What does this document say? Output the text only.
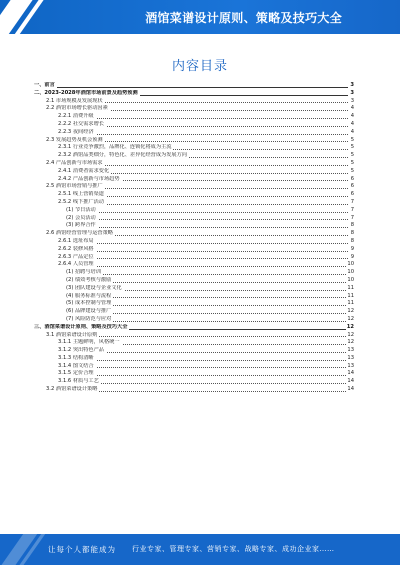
酒馆菜谱设计原则、策略及技巧大全
内容目录
一、前言	3
二、2023-2028年酒馆市场前景及趋势预测	3
2.1 市场规模及发展现状	3
2.2 酒馆市场增长驱动因素	4
2.2.1 消费升级	4
2.2.2 社交需求增长	4
2.2.3 夜间经济	4
2.3 发展趋势及机会预测	5
2.3.1 行业竞争激烈，品牌化、连锁化将成为主流	5
2.3.2 酒馆品类细分，特色化、差异化经营成为发展方向	5
2.4 产品创新与市场需求	5
2.4.1 消费者需求变化	5
2.4.2 产品创新与市场趋势	6
2.5 酒馆市场营销与推广	6
2.5.1 线上营销渠道	6
2.5.2 线下推广活动	7
(1) 节日活动	7
(2) 会员活动	7
(3) 跨界合作	8
2.6 酒馆经营管理与运营策略	8
2.6.1 选址布局	8
2.6.2 装修风格	9
2.6.3 产品定位	9
2.6.4 人员管理	10
(1) 招聘与培训	10
(2) 绩效考核与激励	10
(3) 团队建设与企业文化	11
(4) 服务标准与流程	11
(5) 成本控制与管理	11
(6) 品牌建设与推广	12
(7) 风险防范与应对	12
三、酒馆菜谱设计原则、策略及技巧大全	12
3.1 酒馆菜谱设计原则	12
3.1.1 主题鲜明，风格统一	12
3.1.2 突出特色产品	13
3.1.3 结构清晰	13
3.1.4 图文结合	13
3.1.5 定价合理	14
3.1.6 材质与工艺	14
3.2 酒馆菜谱设计策略	14
让每个人都能成为 行业专家、管理专家、营销专家、战略专家、成功企业家……
